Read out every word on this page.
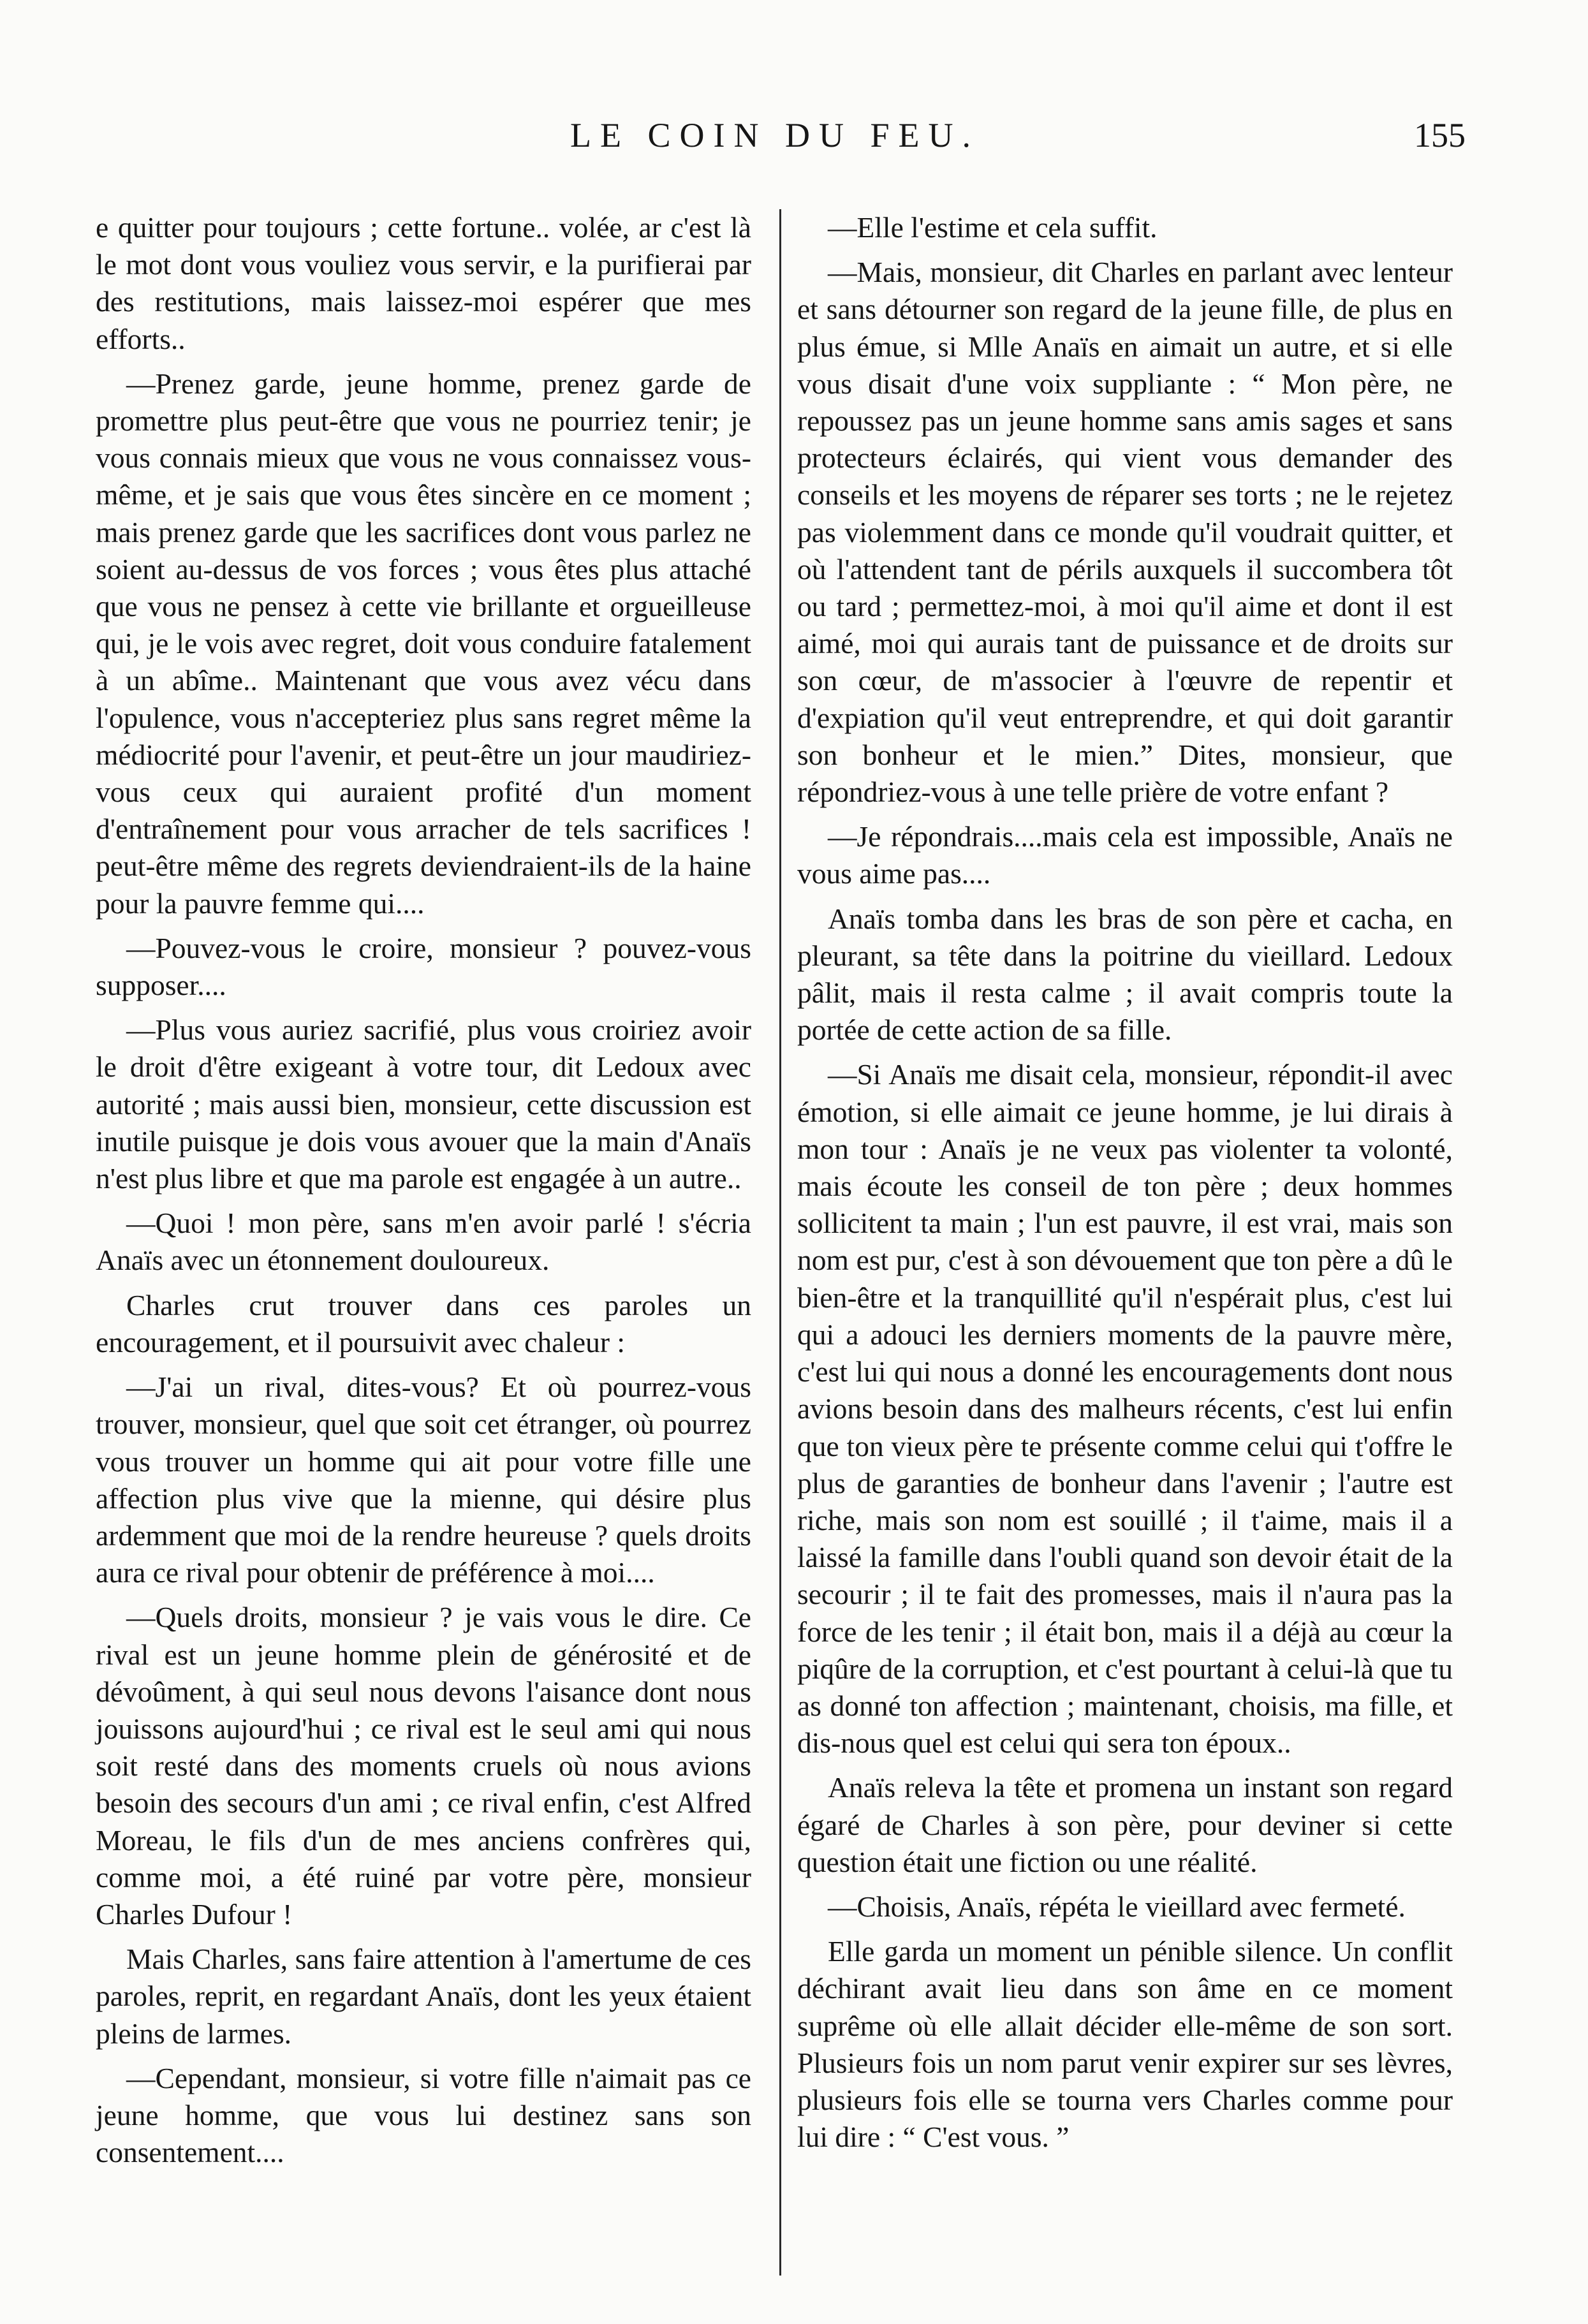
LE COIN DU FEU.	155

e quitter pour toujours ; cette fortune.. volée, ar c'est là le mot dont vous vouliez vous servir, e la purifierai par des restitutions, mais laissez-moi espérer que mes efforts..

—Prenez garde, jeune homme, prenez garde de promettre plus peut-être que vous ne pourriez tenir; je vous connais mieux que vous ne vous connaissez vous-même, et je sais que vous êtes sincère en ce moment ; mais prenez garde que les sacrifices dont vous parlez ne soient au-dessus de vos forces ; vous êtes plus attaché que vous ne pensez à cette vie brillante et orgueilleuse qui, je le vois avec regret, doit vous conduire fatalement à un abîme.. Maintenant que vous avez vécu dans l'opulence, vous n'accepteriez plus sans regret même la médiocrité pour l'avenir, et peut-être un jour maudiriez-vous ceux qui auraient profité d'un moment d'entraînement pour vous arracher de tels sacrifices ! peut-être même des regrets deviendraient-ils de la haine pour la pauvre femme qui....

—Pouvez-vous le croire, monsieur ? pouvez-vous supposer....

—Plus vous auriez sacrifié, plus vous croiriez avoir le droit d'être exigeant à votre tour, dit Ledoux avec autorité ; mais aussi bien, monsieur, cette discussion est inutile puisque je dois vous avouer que la main d'Anaïs n'est plus libre et que ma parole est engagée à un autre..

—Quoi ! mon père, sans m'en avoir parlé ! s'écria Anaïs avec un étonnement douloureux.

Charles crut trouver dans ces paroles un encouragement, et il poursuivit avec chaleur :

—J'ai un rival, dites-vous? Et où pourrez-vous trouver, monsieur, quel que soit cet étranger, où pourrez vous trouver un homme qui ait pour votre fille une affection plus vive que la mienne, qui désire plus ardemment que moi de la rendre heureuse ? quels droits aura ce rival pour obtenir de préférence à moi....

—Quels droits, monsieur ? je vais vous le dire. Ce rival est un jeune homme plein de générosité et de dévoûment, à qui seul nous devons l'aisance dont nous jouissons aujourd'hui ; ce rival est le seul ami qui nous soit resté dans des moments cruels où nous avions besoin des secours d'un ami ; ce rival enfin, c'est Alfred Moreau, le fils d'un de mes anciens confrères qui, comme moi, a été ruiné par votre père, monsieur Charles Dufour !

Mais Charles, sans faire attention à l'amertume de ces paroles, reprit, en regardant Anaïs, dont les yeux étaient pleins de larmes.

—Cependant, monsieur, si votre fille n'aimait pas ce jeune homme, que vous lui destinez sans son consentement....

—Elle l'estime et cela suffit.

—Mais, monsieur, dit Charles en parlant avec lenteur et sans détourner son regard de la jeune fille, de plus en plus émue, si Mlle Anaïs en aimait un autre, et si elle vous disait d'une voix suppliante : “ Mon père, ne repoussez pas un jeune homme sans amis sages et sans protecteurs éclairés, qui vient vous demander des conseils et les moyens de réparer ses torts ; ne le rejetez pas violemment dans ce monde qu'il voudrait quitter, et où l'attendent tant de périls auxquels il succombera tôt ou tard ; permettez-moi, à moi qu'il aime et dont il est aimé, moi qui aurais tant de puissance et de droits sur son cœur, de m'associer à l'œuvre de repentir et d'expiation qu'il veut entreprendre, et qui doit garantir son bonheur et le mien.” Dites, monsieur, que répondriez-vous à une telle prière de votre enfant ?

—Je répondrais....mais cela est impossible, Anaïs ne vous aime pas....

Anaïs tomba dans les bras de son père et cacha, en pleurant, sa tête dans la poitrine du vieillard. Ledoux pâlit, mais il resta calme ; il avait compris toute la portée de cette action de sa fille.

—Si Anaïs me disait cela, monsieur, répondit-il avec émotion, si elle aimait ce jeune homme, je lui dirais à mon tour : Anaïs je ne veux pas violenter ta volonté, mais écoute les conseil de ton père ; deux hommes sollicitent ta main ; l'un est pauvre, il est vrai, mais son nom est pur, c'est à son dévouement que ton père a dû le bien-être et la tranquillité qu'il n'espérait plus, c'est lui qui a adouci les derniers moments de la pauvre mère, c'est lui qui nous a donné les encouragements dont nous avions besoin dans des malheurs récents, c'est lui enfin que ton vieux père te présente comme celui qui t'offre le plus de garanties de bonheur dans l'avenir ; l'autre est riche, mais son nom est souillé ; il t'aime, mais il a laissé la famille dans l'oubli quand son devoir était de la secourir ; il te fait des promesses, mais il n'aura pas la force de les tenir ; il était bon, mais il a déjà au cœur la piqûre de la corruption, et c'est pourtant à celui-là que tu as donné ton affection ; maintenant, choisis, ma fille, et dis-nous quel est celui qui sera ton époux..

Anaïs releva la tête et promena un instant son regard égaré de Charles à son père, pour deviner si cette question était une fiction ou une réalité.

—Choisis, Anaïs, répéta le vieillard avec fermeté.

Elle garda un moment un pénible silence. Un conflit déchirant avait lieu dans son âme en ce moment suprême où elle allait décider elle-même de son sort. Plusieurs fois un nom parut venir expirer sur ses lèvres, plusieurs fois elle se tourna vers Charles comme pour lui dire : “ C'est vous. ”
